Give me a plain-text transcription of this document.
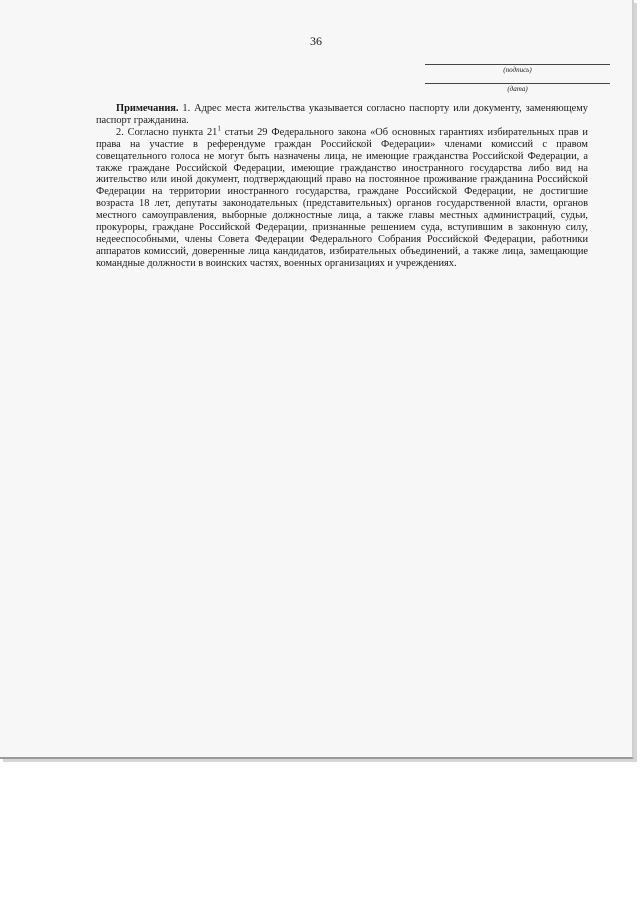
36
(подпись)
(дата)

Примечания. 1. Адрес места жительства указывается согласно паспорту или документу, заменяющему паспорт гражданина.

2. Согласно пункта $21^1$ статьи 29 Федерального закона «Об основных гарантиях избирательных прав и права на участие в референдуме граждан Российской Федерации» членами комиссий с правом совещательного голоса не могут быть назначены лица, не имеющие гражданства Российской Федерации, а также граждане Российской Федерации, имеющие гражданство иностранного государства либо вид на жительство или иной документ, подтверждающий право на постоянное проживание гражданина Российской Федерации на территории иностранного государства, граждане Российской Федерации, не достигшие возраста 18 лет, депутаты законодательных (представительных) органов государственной власти, органов местного самоуправления, выборные должностные лица, а также главы местных администраций, судьи, прокуроры, граждане Российской Федерации, признанные решением суда, вступившим в законную силу, недееспособными, члены Совета Федерации Федерального Собрания Российской Федерации, работники аппаратов комиссий, доверенные лица кандидатов, избирательных объединений, а также лица, замещающие командные должности в воинских частях, военных организациях и учреждениях.
